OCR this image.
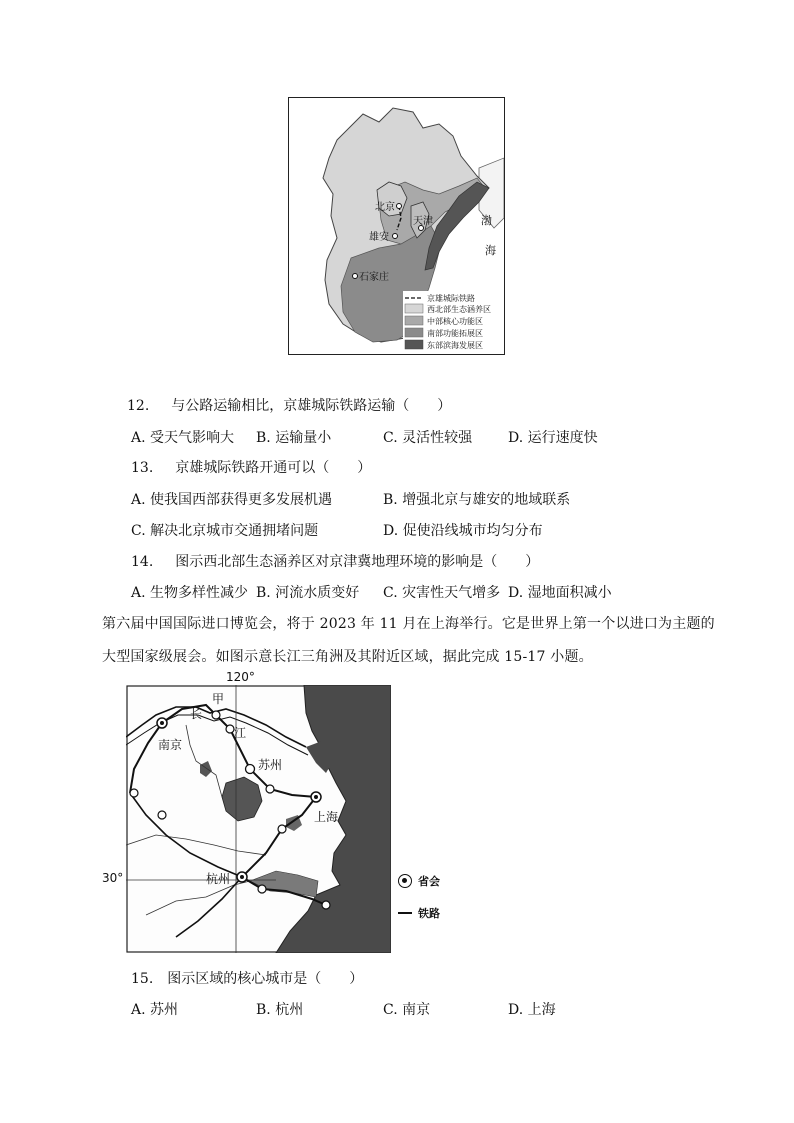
北京
天津
雄安
石家庄
渤
海
京雄城际铁路
西北部生态涵养区
中部核心功能区
南部功能拓展区
东部滨海发展区
12. 与公路运输相比，京雄城际铁路运输（　　）
A. 受天气影响大 B. 运输量小	C. 灵活性较强	D. 运行速度快
13. 京雄城际铁路开通可以（　　）
A. 使我国西部获得更多发展机遇	B. 增强北京与雄安的地域联系
C. 解决北京城市交通拥堵问题	D. 促使沿线城市均匀分布
14. 图示西北部生态涵养区对京津冀地理环境的影响是（　　）
A. 生物多样性减少 B. 河流水质变好 C. 灾害性天气增多 D. 湿地面积减小
第六届中国国际进口博览会，将于 2023 年 11 月在上海举行。它是世界上第一个以进口为主题的
大型国家级展会。如图示意长江三角洲及其附近区域，据此完成 15-17 小题。
120°
30°
甲
长
江
南京
苏州
上海
杭州	省会
铁路
15. 图示区域的核心城市是（　　）
A. 苏州	B. 杭州	C. 南京	D. 上海
